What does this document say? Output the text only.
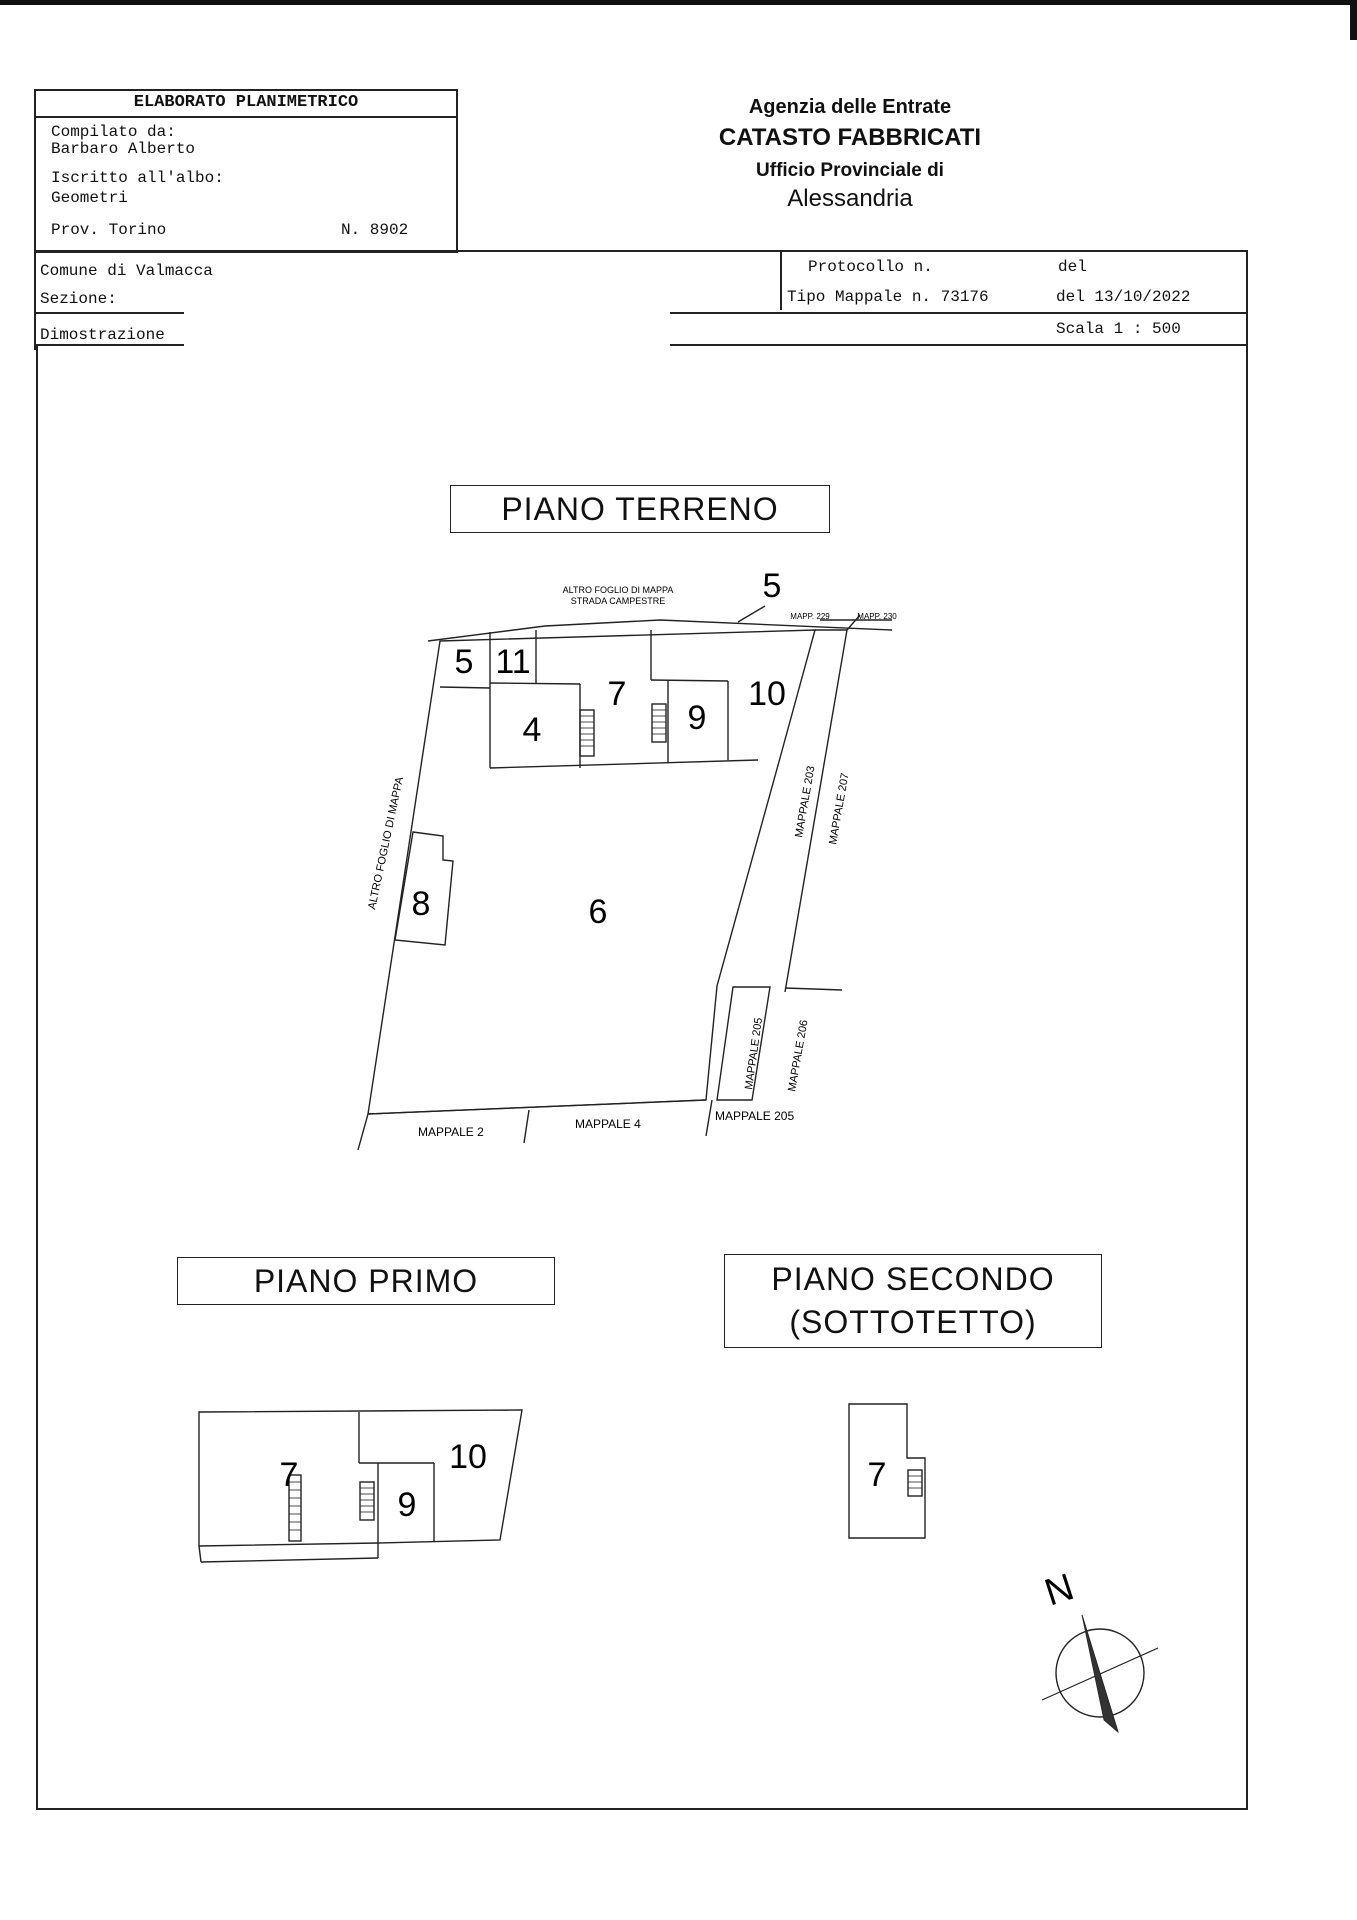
ELABORATO PLANIMETRICO
Compilato da:
Barbaro Alberto
Iscritto all'albo:
Geometri
Prov. Torino	N. 8902
Agenzia delle Entrate
CATASTO FABBRICATI
Ufficio Provinciale di
Alessandria
Comune di Valmacca
Sezione:
Dimostrazione
Protocollo n.	del
Tipo Mappale n. 73176	del 13/10/2022
Scala 1 : 500
PIANO TERRENO
PIANO PRIMO	PIANO SECONDO
(SOTTOTETTO)
ALTRO FOGLIO DI MAPPA
STRADA CAMPESTRE
MAPP. 229	MAPP. 230
ALTRO FOGLIO DI MAPPA	MAPPALE 203 MAPPALE 207
MAPPALE 205 MAPPALE 206
MAPPALE 2
MAPPALE 4
MAPPALE 205
5
5 11
7
9
10
4
8	6
7	10
9
7
N
